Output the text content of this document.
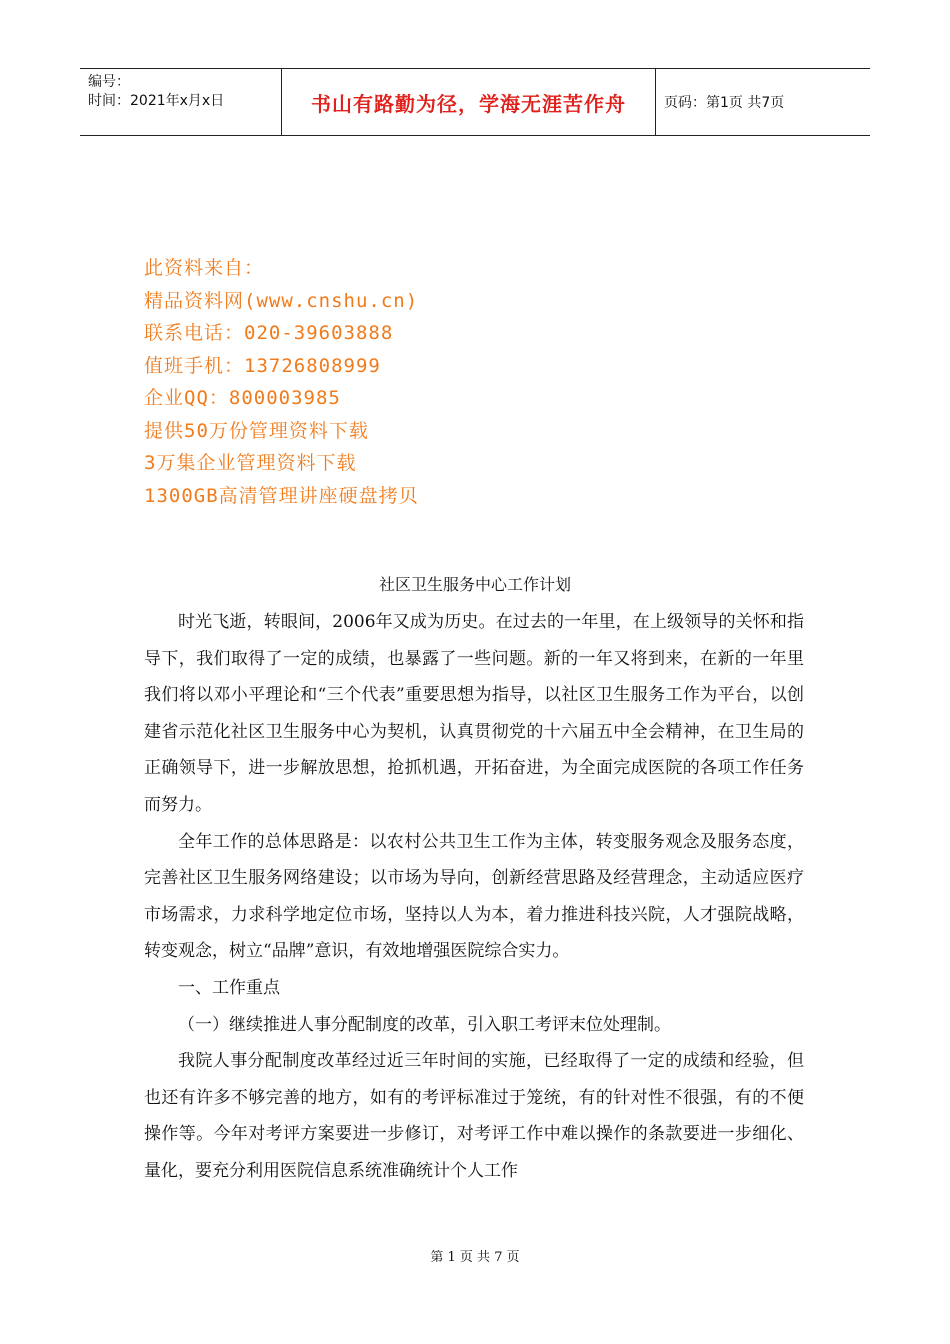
编号：
时间：2021年x月x日	书山有路勤为径，学海无涯苦作舟	页码：第1页 共7页
此资料来自：
精品资料网(www.cnshu.cn)
联系电话：020-39603888
值班手机：13726808999
企业QQ：800003985
提供50万份管理资料下载
3万集企业管理资料下载
1300GB高清管理讲座硬盘拷贝
社区卫生服务中心工作计划

时光飞逝，转眼间，2006年又成为历史。在过去的一年里，在上级领导的关怀和指导下，我们取得了一定的成绩，也暴露了一些问题。新的一年又将到来，在新的一年里我们将以邓小平理论和“三个代表”重要思想为指导，以社区卫生服务工作为平台，以创建省示范化社区卫生服务中心为契机，认真贯彻党的十六届五中全会精神，在卫生局的正确领导下，进一步解放思想，抢抓机遇，开拓奋进，为全面完成医院的各项工作任务而努力。

全年工作的总体思路是：以农村公共卫生工作为主体，转变服务观念及服务态度，完善社区卫生服务网络建设；以市场为导向，创新经营思路及经营理念，主动适应医疗市场需求，力求科学地定位市场，坚持以人为本，着力推进科技兴院，人才强院战略，转变观念，树立“品牌”意识，有效地增强医院综合实力。

一、工作重点

（一）继续推进人事分配制度的改革，引入职工考评末位处理制。

我院人事分配制度改革经过近三年时间的实施，已经取得了一定的成绩和经验，但也还有许多不够完善的地方，如有的考评标准过于笼统，有的针对性不很强，有的不便操作等。今年对考评方案要进一步修订，对考评工作中难以操作的条款要进一步细化、量化，要充分利用医院信息系统准确统计个人工作

第 1 页 共 7 页
